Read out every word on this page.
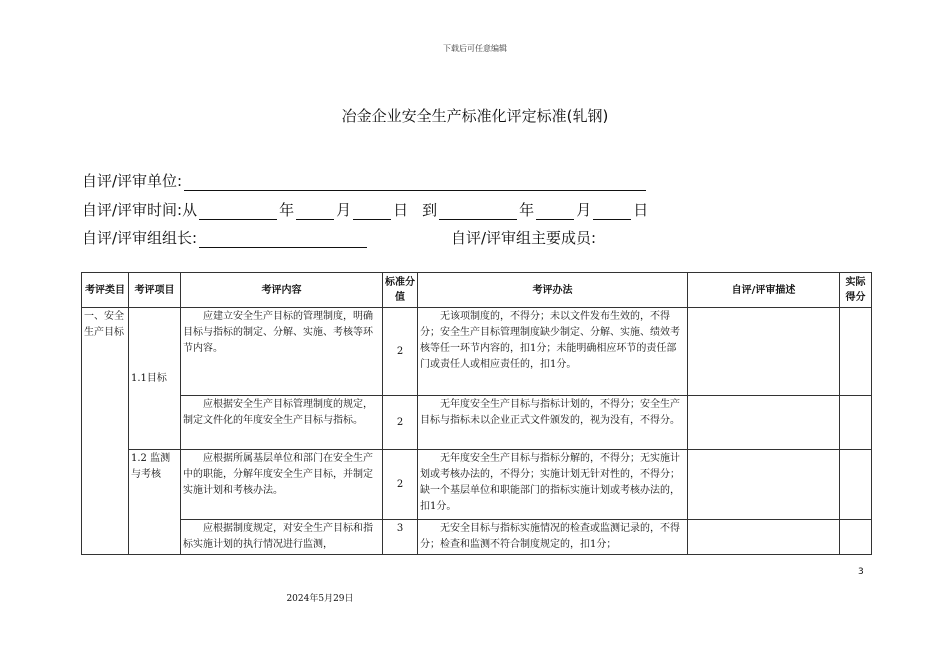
下载后可任意编辑
冶金企业安全生产标准化评定标准(轧钢)
自评/评审单位:
自评/评审时间:从	年	月	日 到	年	月	日
自评/评审组组长:	自评/评审组主要成员:
考评类目	考评项目	考评内容	标准分值	考评办法	自评/评审描述	实际得分
一、安全生产目标	1.1目标	应建立安全生产目标的管理制度，明确目标与指标的制定、分解、实施、考核等环节内容。	2	无该项制度的，不得分；未以文件发布生效的，不得分；安全生产目标管理制度缺少制定、分解、实施、绩效考核等任一环节内容的，扣1分；未能明确相应环节的责任部门或责任人或相应责任的，扣1分。		
		应根据安全生产目标管理制度的规定，制定文件化的年度安全生产目标与指标。	2	无年度安全生产目标与指标计划的，不得分；安全生产目标与指标未以企业正式文件颁发的，视为没有，不得分。		
	1.2 监测与考核	应根据所属基层单位和部门在安全生产中的职能，分解年度安全生产目标，并制定实施计划和考核办法。	2	无年度安全生产目标与指标分解的，不得分；无实施计划或考核办法的，不得分；实施计划无针对性的，不得分；缺一个基层单位和职能部门的指标实施计划或考核办法的，扣1分。		
		应根据制度规定，对安全生产目标和指标实施计划的执行情况进行监测，	3	无安全目标与指标实施情况的检查或监测记录的，不得分；检查和监测不符合制度规定的，扣1分；		
3
2024年5月29日
